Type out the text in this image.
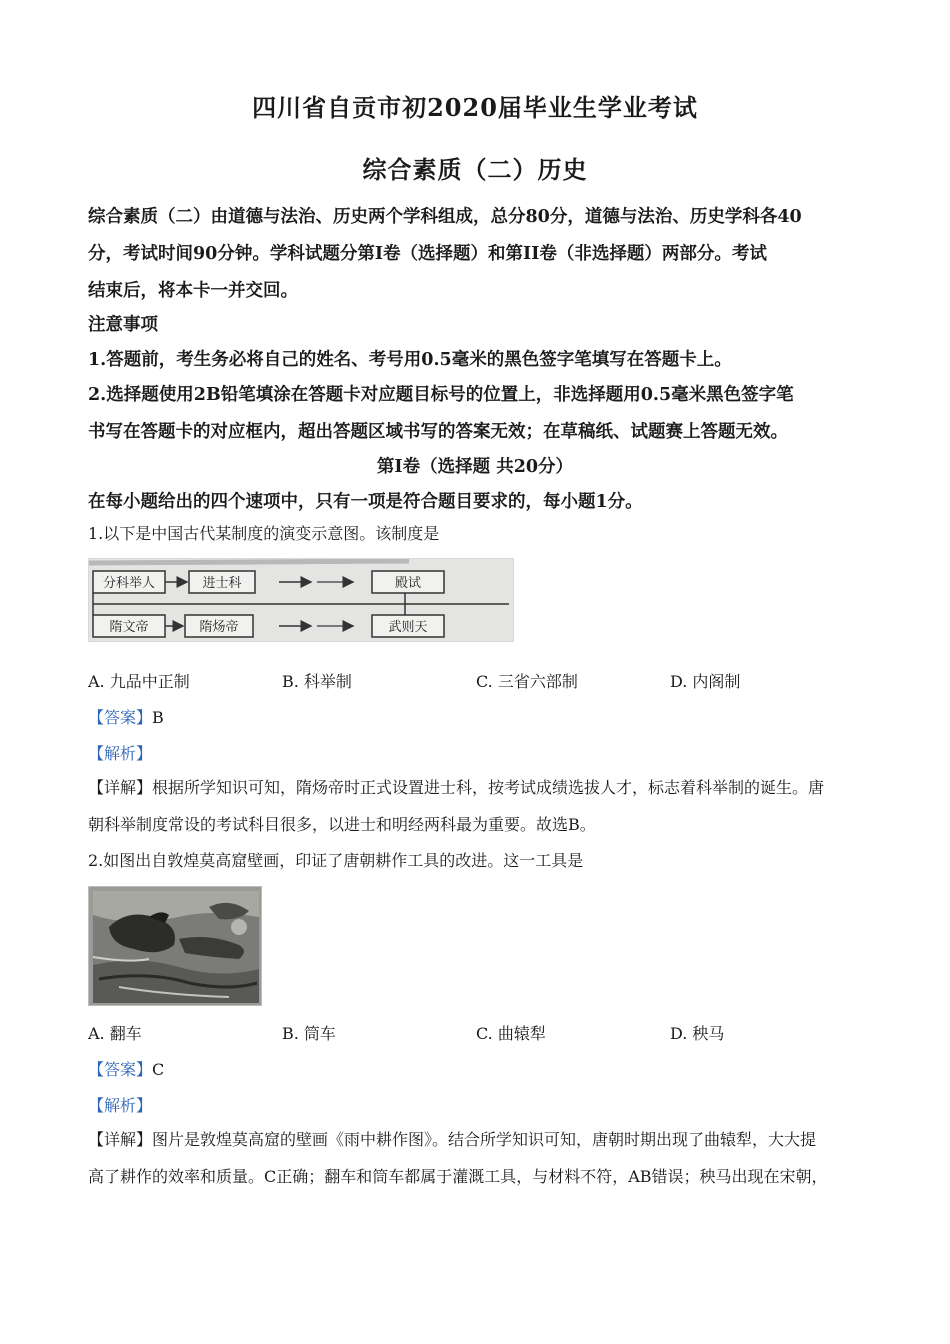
四川省自贡市初2020届毕业生学业考试
综合素质（二）历史
综合素质（二）由道德与法治、历史两个学科组成，总分80分，道德与法治、历史学科各40
分，考试时间90分钟。学科试题分第Ⅰ卷（选择题）和第II卷（非选择题）两部分。考试
结束后，将本卡一并交回。
注意事项
1.答题前，考生务必将自己的姓名、考号用0.5毫米的黑色签字笔填写在答题卡上。
2.选择题使用2B铅笔填涂在答题卡对应题目标号的位置上，非选择题用0.5毫米黑色签字笔
书写在答题卡的对应框内，超出答题区域书写的答案无效；在草稿纸、试题赛上答题无效。
第Ⅰ卷（选择题 共20分）
在每小题给出的四个速项中，只有一项是符合题目要求的，每小题1分。
1.以下是中国古代某制度的演变示意图。该制度是
分科举人	进士科	殿试
隋文帝	隋炀帝	武则天
A. 九品中正制	B. 科举制	C. 三省六部制	D. 内阁制
【答案】B
【解析】
【详解】根据所学知识可知，隋炀帝时正式设置进士科，按考试成绩选拔人才，标志着科举制的诞生。唐
朝科举制度常设的考试科目很多，以进士和明经两科最为重要。故选B。
2.如图出自敦煌莫高窟壁画，印证了唐朝耕作工具的改进。这一工具是
A. 翻车	B. 筒车	C. 曲辕犁	D. 秧马
【答案】C
【解析】
【详解】图片是敦煌莫高窟的壁画《雨中耕作图》。结合所学知识可知，唐朝时期出现了曲辕犁，大大提
高了耕作的效率和质量。C正确；翻车和筒车都属于灌溉工具，与材料不符，AB错误；秧马出现在宋朝，
